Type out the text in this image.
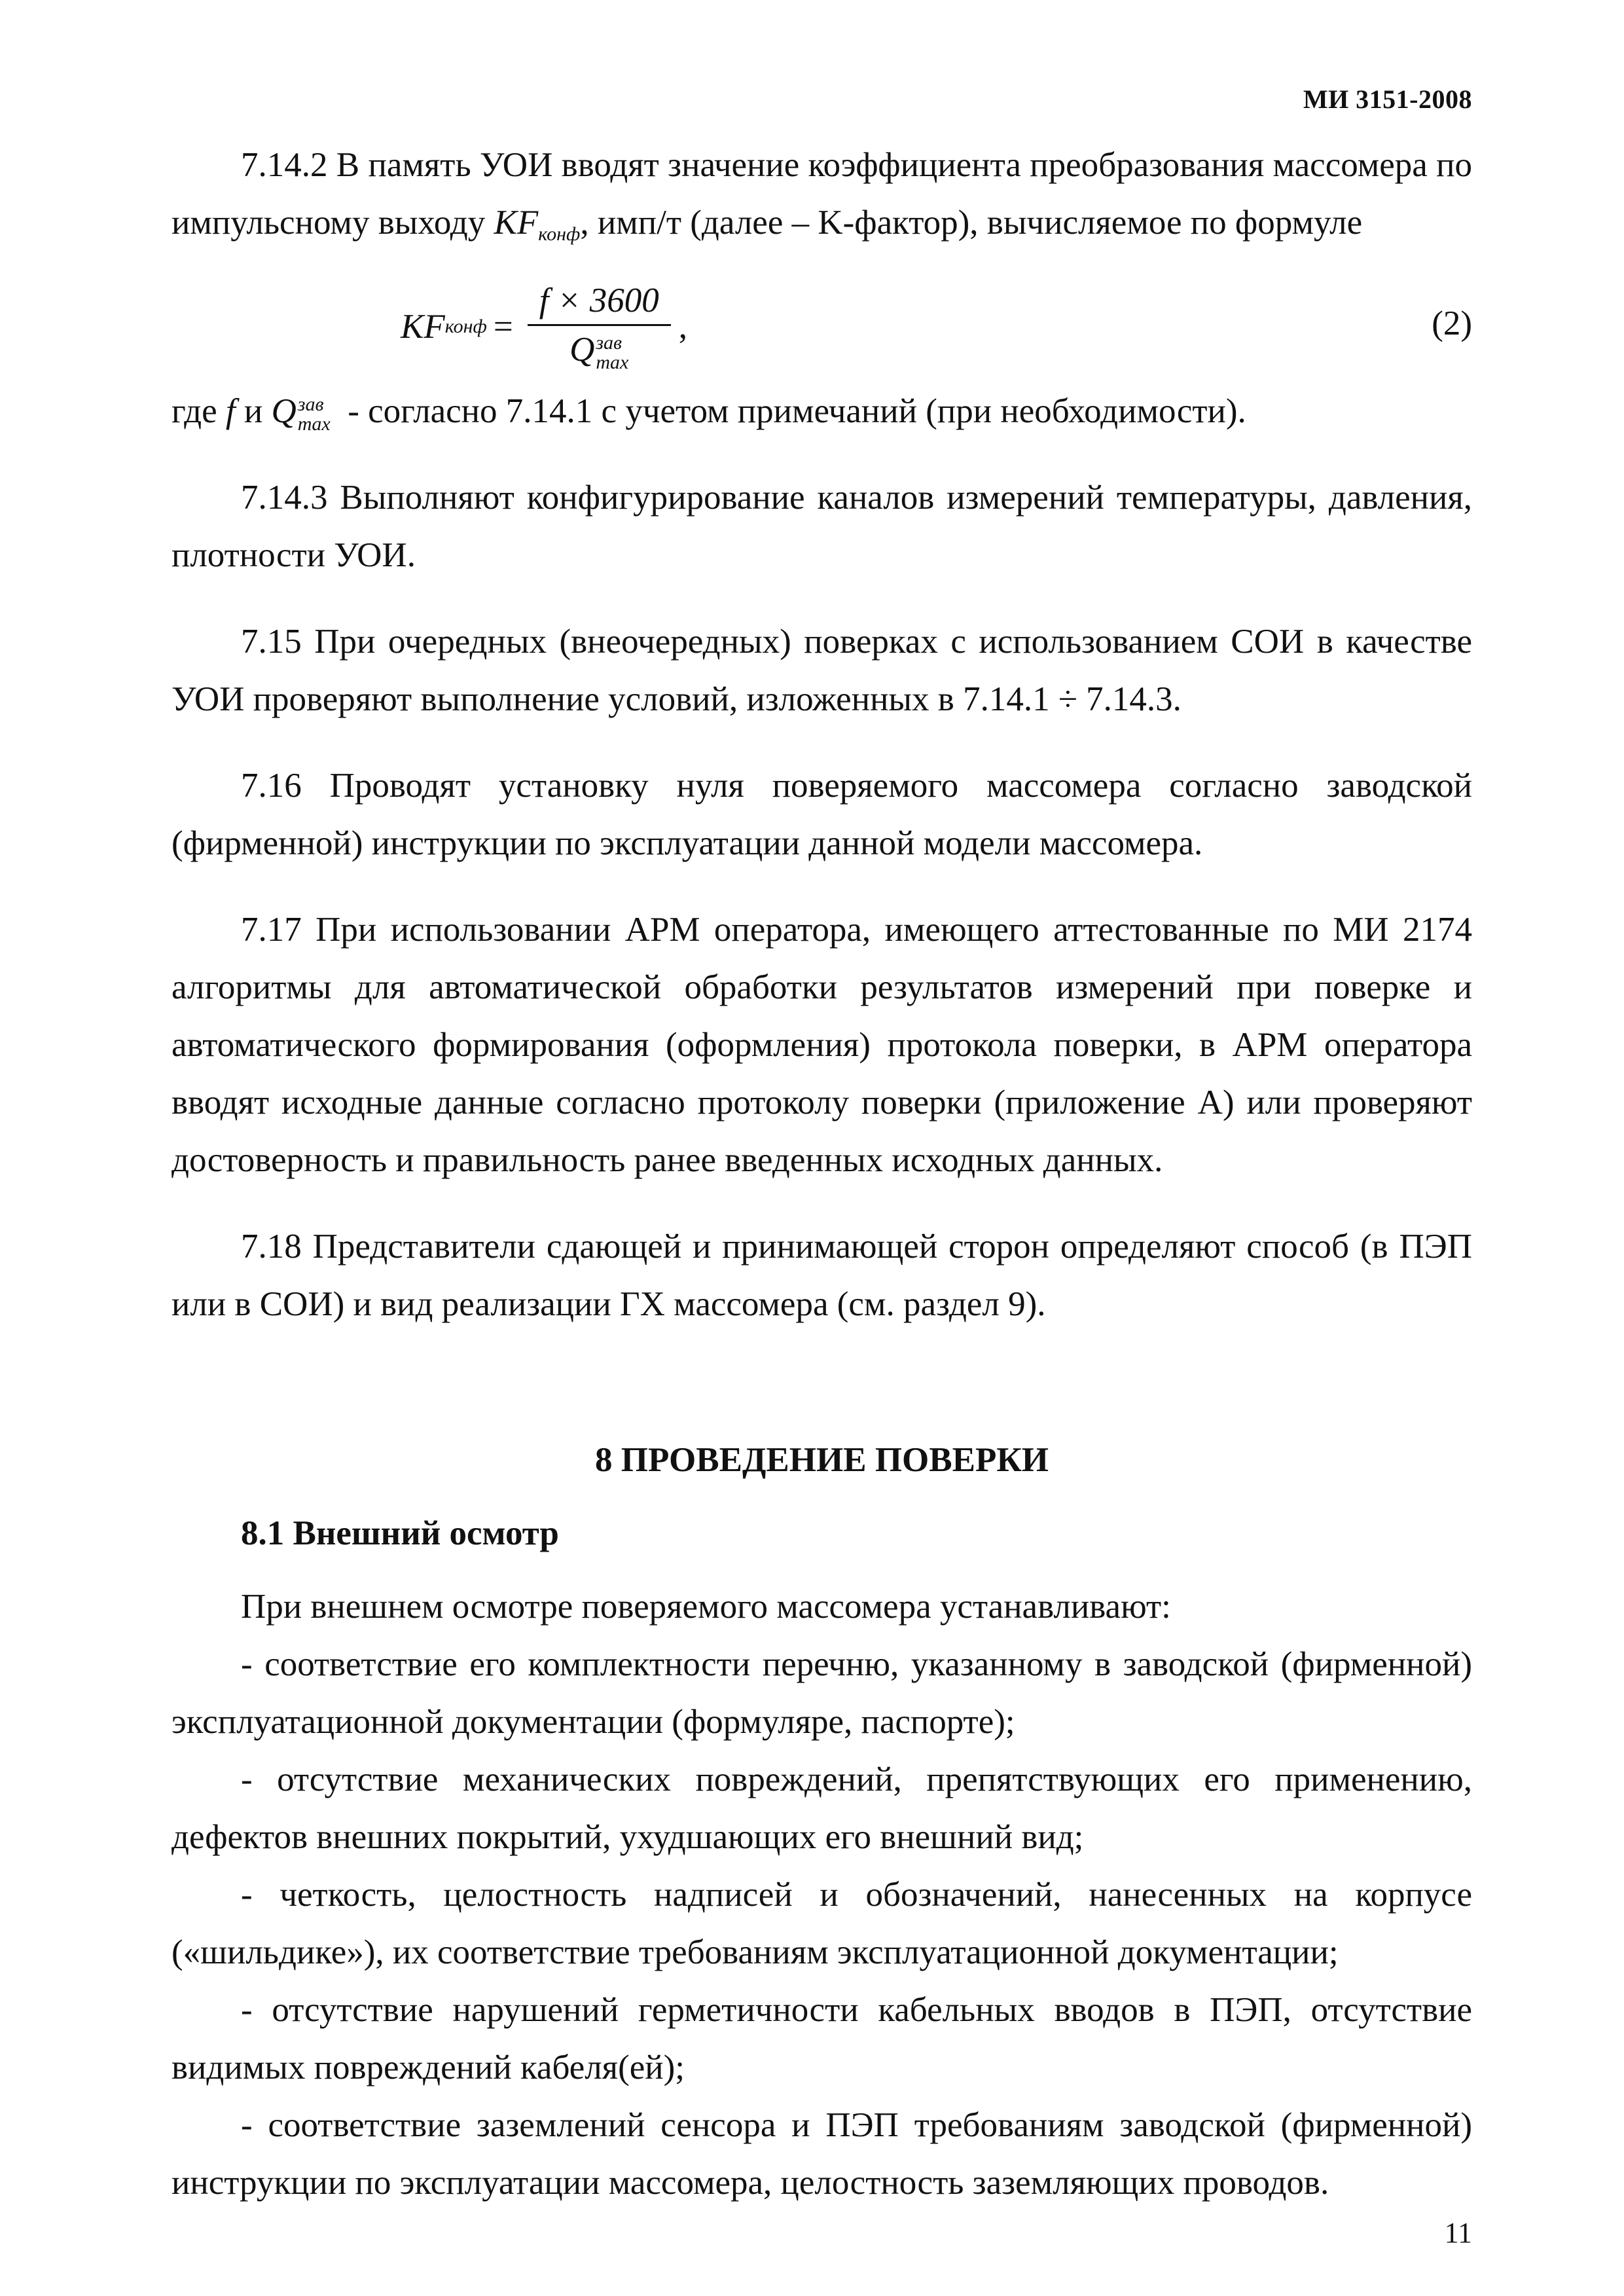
МИ 3151-2008

7.14.2 В память УОИ вводят значение коэффициента преобразования массомера по импульсному выходу $KF_{конф}$, имп/т (далее – K-фактор), вычисляемое по формуле

KF конф = f × 3600
Q зав
max ,	(2)

где f и Q зав
max - согласно 7.14.1 с учетом примечаний (при необходимости).

7.14.3 Выполняют конфигурирование каналов измерений температуры, давления, плотности УОИ.

7.15 При очередных (внеочередных) поверках с использованием СОИ в качестве УОИ проверяют выполнение условий, изложенных в 7.14.1 ÷ 7.14.3.

7.16 Проводят установку нуля поверяемого массомера согласно заводской (фирменной) инструкции по эксплуатации данной модели массомера.

7.17 При использовании АРМ оператора, имеющего аттестованные по МИ 2174 алгоритмы для автоматической обработки результатов измерений при поверке и автоматического формирования (оформления) протокола поверки, в АРМ оператора вводят исходные данные согласно протоколу поверки (приложение А) или проверяют достоверность и правильность ранее введенных исходных данных.

7.18 Представители сдающей и принимающей сторон определяют способ (в ПЭП или в СОИ) и вид реализации ГХ массомера (см. раздел 9).

8 ПРОВЕДЕНИЕ ПОВЕРКИ

8.1 Внешний осмотр

При внешнем осмотре поверяемого массомера устанавливают:

- соответствие его комплектности перечню, указанному в заводской (фирменной) эксплуатационной документации (формуляре, паспорте);

- отсутствие механических повреждений, препятствующих его применению, дефектов внешних покрытий, ухудшающих его внешний вид;

- четкость, целостность надписей и обозначений, нанесенных на корпусе («шильдике»), их соответствие требованиям эксплуатационной документации;

- отсутствие нарушений герметичности кабельных вводов в ПЭП, отсутствие видимых повреждений кабеля(ей);

- соответствие заземлений сенсора и ПЭП требованиям заводской (фирменной) инструкции по эксплуатации массомера, целостность заземляющих проводов.

11
